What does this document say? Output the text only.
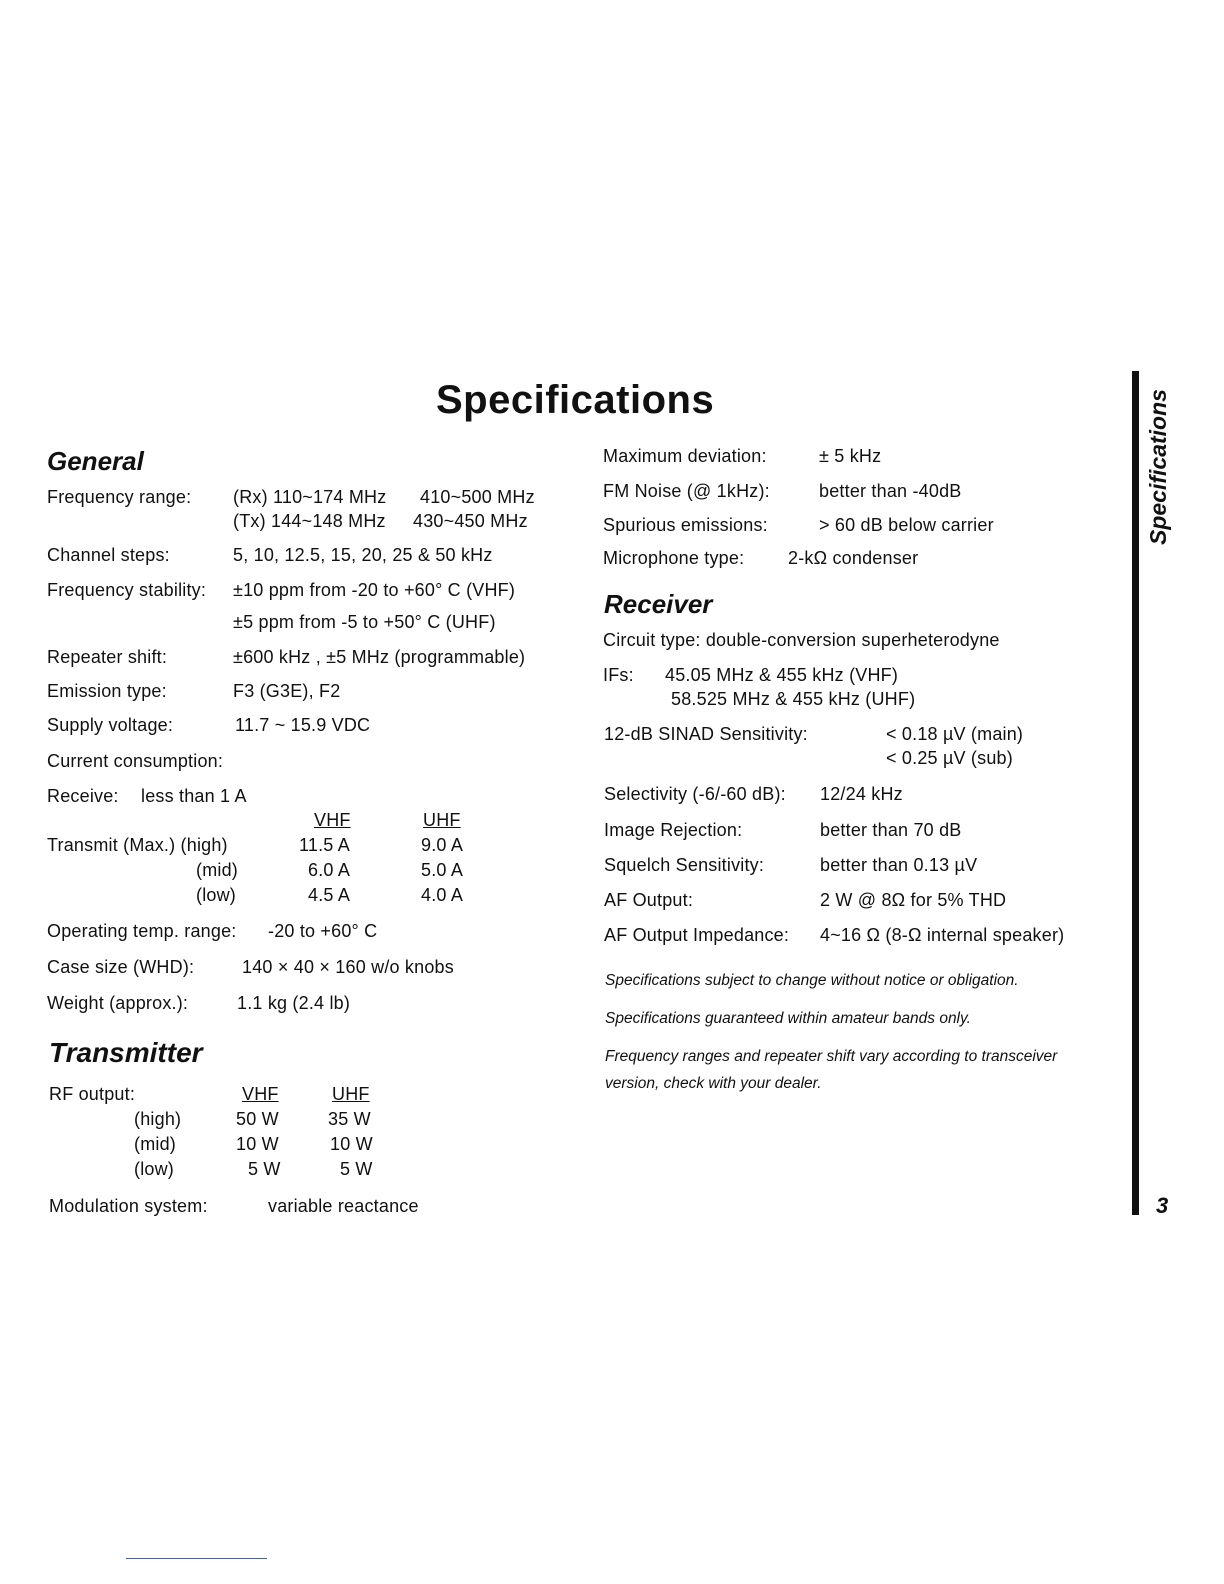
Specifications	Specifications
3
General
Frequency range: (Rx) 110~174 MHz 410~500 MHz
(Tx) 144~148 MHz 430~450 MHz
Channel steps:	5, 10, 12.5, 15, 20, 25 & 50 kHz
Frequency stability: ±10 ppm from -20 to +60° C (VHF)
±5 ppm from -5 to +50° C (UHF)
Repeater shift:	±600 kHz , ±5 MHz (programmable)
Emission type:	F3 (G3E), F2
Supply voltage:	11.7 ~ 15.9 VDC
Current consumption:
Receive: less than 1 A
VHF	UHF
Transmit (Max.) (high)	11.5 A	9.0 A
(mid)	6.0 A	5.0 A
(low)	4.5 A	4.0 A
Operating temp. range: -20 to +60° C
Case size (WHD):	140 × 40 × 160 w/o knobs
Weight (approx.):	1.1 kg (2.4 lb)
Transmitter
RF output:	VHF	UHF
(high)	50 W	35 W
(mid)	10 W	10 W
(low)	5 W	5 W
Modulation system:	variable reactance
Maximum deviation:	± 5 kHz
FM Noise (@ 1kHz):	better than -40dB
Spurious emissions:	> 60 dB below carrier
Microphone type: 2-kΩ condenser
Receiver
Circuit type: double-conversion superheterodyne
IFs: 45.05 MHz & 455 kHz (VHF)
58.525 MHz & 455 kHz (UHF)
12-dB SINAD Sensitivity:	< 0.18 µV (main)
< 0.25 µV (sub)
Selectivity (-6/-60 dB): 12/24 kHz
Image Rejection:	better than 70 dB
Squelch Sensitivity:	better than 0.13 µV
AF Output:	2 W @ 8Ω for 5% THD
AF Output Impedance: 4~16 Ω (8-Ω internal speaker)
Specifications subject to change without notice or obligation.
Specifications guaranteed within amateur bands only.
Frequency ranges and repeater shift vary according to transceiver
version, check with your dealer.
